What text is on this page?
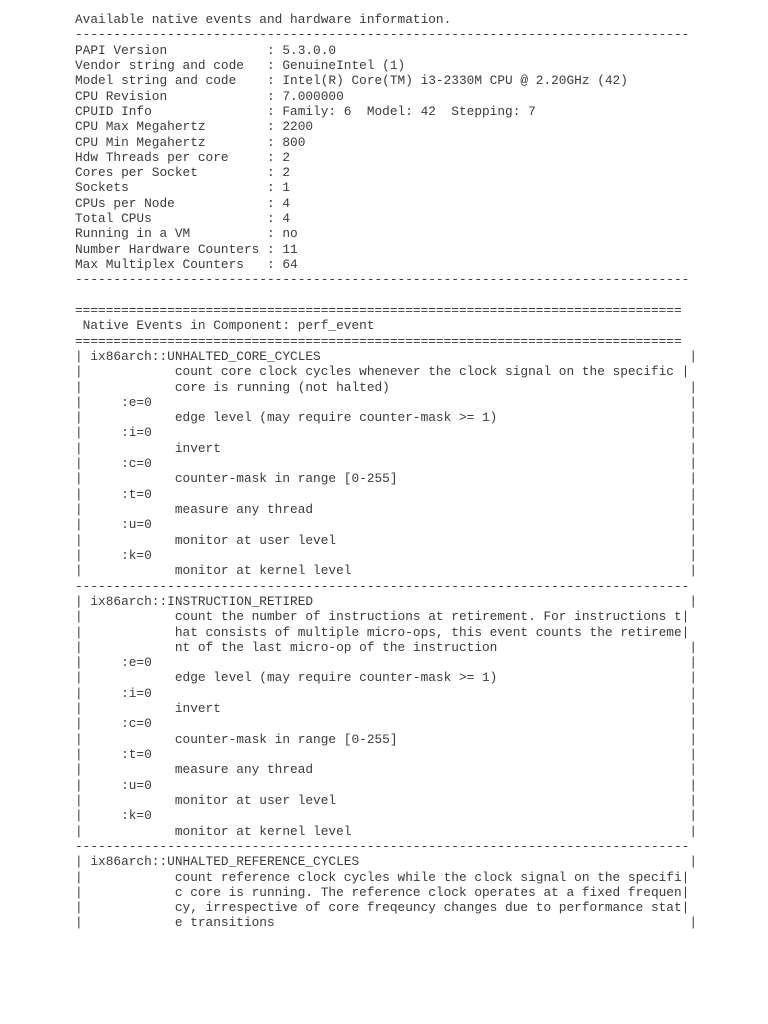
Available native events and hardware information.
--------------------------------------------------------------------------------
PAPI Version             : 5.3.0.0
Vendor string and code   : GenuineIntel (1)
Model string and code    : Intel(R) Core(TM) i3-2330M CPU @ 2.20GHz (42)
CPU Revision             : 7.000000
CPUID Info               : Family: 6  Model: 42  Stepping: 7
CPU Max Megahertz        : 2200
CPU Min Megahertz        : 800
Hdw Threads per core     : 2
Cores per Socket         : 2
Sockets                  : 1
CPUs per Node            : 4
Total CPUs               : 4
Running in a VM          : no
Number Hardware Counters : 11
Max Multiplex Counters   : 64
--------------------------------------------------------------------------------
===============================================================================
Native Events in Component: perf_event
===============================================================================
| ix86arch::UNHALTED_CORE_CYCLES                                                |
|            count core clock cycles whenever the clock signal on the specific |
|            core is running (not halted)                                       |
|     :e=0                                                                      |
|            edge level (may require counter-mask >= 1)                         |
|     :i=0                                                                      |
|            invert                                                             |
|     :c=0                                                                      |
|            counter-mask in range [0-255]                                      |
|     :t=0                                                                      |
|            measure any thread                                                 |
|     :u=0                                                                      |
|            monitor at user level                                              |
|     :k=0                                                                      |
|            monitor at kernel level                                            |
--------------------------------------------------------------------------------
| ix86arch::INSTRUCTION_RETIRED                                                 |
|            count the number of instructions at retirement. For instructions t|
|            hat consists of multiple micro-ops, this event counts the retireme|
|            nt of the last micro-op of the instruction                         |
|     :e=0                                                                      |
|            edge level (may require counter-mask >= 1)                         |
|     :i=0                                                                      |
|            invert                                                             |
|     :c=0                                                                      |
|            counter-mask in range [0-255]                                      |
|     :t=0                                                                      |
|            measure any thread                                                 |
|     :u=0                                                                      |
|            monitor at user level                                              |
|     :k=0                                                                      |
|            monitor at kernel level                                            |
--------------------------------------------------------------------------------
| ix86arch::UNHALTED_REFERENCE_CYCLES                                           |
|            count reference clock cycles while the clock signal on the specifi|
|            c core is running. The reference clock operates at a fixed frequen|
|            cy, irrespective of core freqeuncy changes due to performance stat|
|            e transitions                                                      |
